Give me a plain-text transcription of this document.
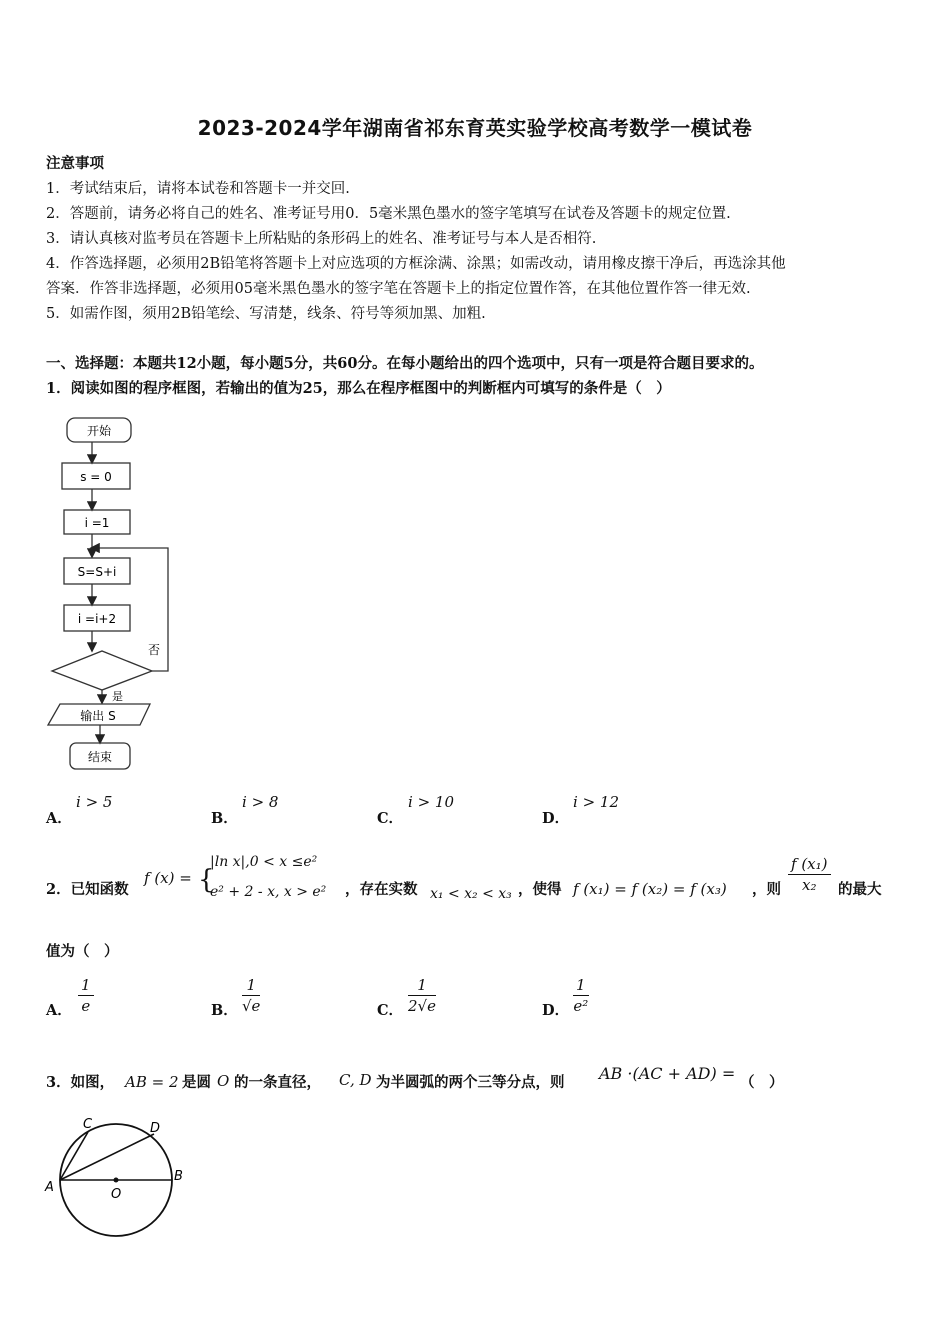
2023-2024学年湖南省祁东育英实验学校高考数学一模试卷
注意事项
1．考试结束后，请将本试卷和答题卡一并交回.
2．答题前，请务必将自己的姓名、准考证号用0．5毫米黑色墨水的签字笔填写在试卷及答题卡的规定位置.
3．请认真核对监考员在答题卡上所粘贴的条形码上的姓名、准考证号与本人是否相符.
4．作答选择题，必须用2B铅笔将答题卡上对应选项的方框涂满、涂黑；如需改动，请用橡皮擦干净后，再选涂其他
答案．作答非选择题，必须用05毫米黑色墨水的签字笔在答题卡上的指定位置作答，在其他位置作答一律无效.
5．如需作图，须用2B铅笔绘、写清楚，线条、符号等须加黑、加粗.
一、选择题：本题共12小题，每小题5分，共60分。在每小题给出的四个选项中，只有一项是符合题目要求的。
1．阅读如图的程序框图，若输出的值为25，那么在程序框图中的判断框内可填写的条件是（　）
开始
s = 0
i =1
S=S+i
i =i+2
否
是
输出 S
结束
A．
i > 5
B．
i > 8
C．
i > 10
D．
i > 12
2．已知函数
f (x) = {
|ln x|,0 < x ≤e²
e² + 2 - x, x > e² ，存在实数 x₁ < x₂ < x₃ ，使得 f (x₁) = f (x₂) = f (x₃) ，则 $\frac{\text{f (x₁)}}{\text{x₂}}$ 的最大
值为（　）
A． $\frac{1}{e}$	B． $\frac{1}{√e}$	C． $\frac{1}{2√e}$	D． $\frac{1}{\text{e²}}$
3．如图， AB = 2 是圆 O 的一条直径， C, D 为半圆弧的两个三等分点，则 AB ·(AC + AD) = （　）
A
B
C	D
O
